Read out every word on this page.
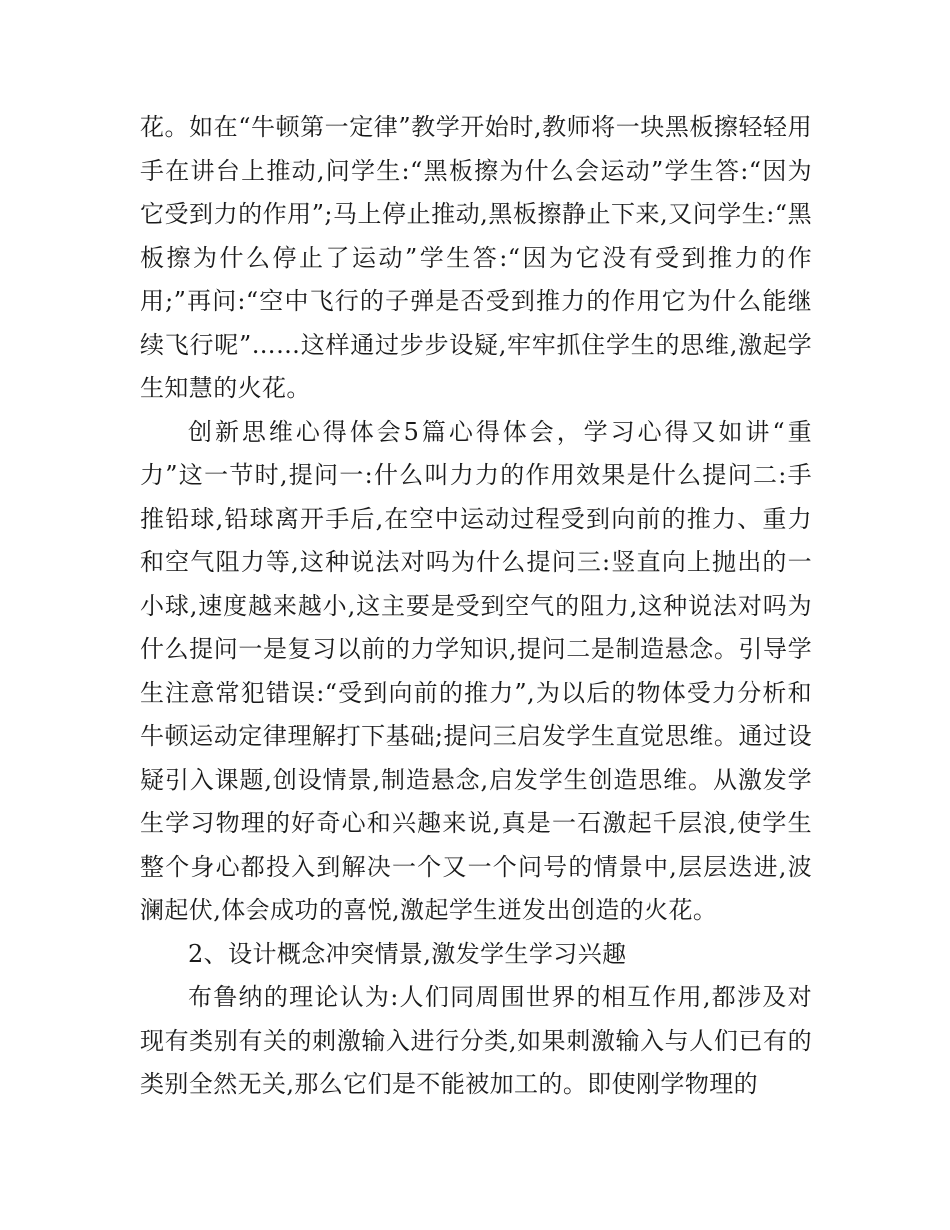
花。如在“牛顿第一定律”教学开始时,教师将一块黑板擦轻轻用手在讲台上推动,问学生:“黑板擦为什么会运动”学生答:“因为它受到力的作用”;马上停止推动,黑板擦静止下来,又问学生:“黑板擦为什么停止了运动”学生答:“因为它没有受到推力的作用;”再问:“空中飞行的子弹是否受到推力的作用它为什么能继续飞行呢”……这样通过步步设疑,牢牢抓住学生的思维,激起学生知慧的火花。

创新思维心得体会5篇心得体会，学习心得又如讲“重力”这一节时,提问一:什么叫力力的作用效果是什么提问二:手推铅球,铅球离开手后,在空中运动过程受到向前的推力、重力和空气阻力等,这种说法对吗为什么提问三:竖直向上抛出的一小球,速度越来越小,这主要是受到空气的阻力,这种说法对吗为什么提问一是复习以前的力学知识,提问二是制造悬念。引导学生注意常犯错误:“受到向前的推力”,为以后的物体受力分析和牛顿运动定律理解打下基础;提问三启发学生直觉思维。通过设疑引入课题,创设情景,制造悬念,启发学生创造思维。从激发学生学习物理的好奇心和兴趣来说,真是一石激起千层浪,使学生整个身心都投入到解决一个又一个问号的情景中,层层迭进,波澜起伏,体会成功的喜悦,激起学生迸发出创造的火花。

2、设计概念冲突情景,激发学生学习兴趣

布鲁纳的理论认为:人们同周围世界的相互作用,都涉及对现有类别有关的刺激输入进行分类,如果刺激输入与人们已有的类别全然无关,那么它们是不能被加工的。即使刚学物理的
